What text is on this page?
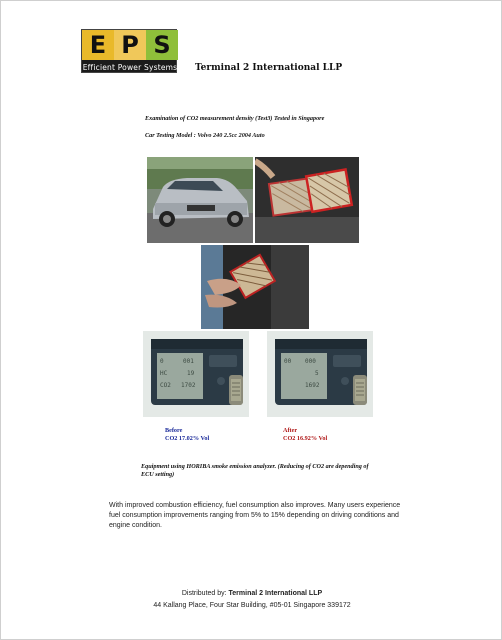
E P S
Efficient Power Systems Terminal 2 International LLP
Examination of CO2 measurement density (Test3) Tested in Singapore
Car Testing Model : Volvo 240 2.5cc 2004 Auto
0	001
HC	19
CO2 1702
00 000
5
1692
Before
CO2 17.02% Vol
After
CO2 16.92% Vol
Equipment using HORIBA smoke emission analyzer. (Reducing of CO2 are depending of ECU setting)
With improved combustion efficiency, fuel consumption also improves. Many users experience fuel consumption improvements ranging from 5% to 15% depending on driving conditions and engine condition.
Distributed by: Terminal 2 International LLP
44 Kallang Place, Four Star Building, #05-01 Singapore 339172
